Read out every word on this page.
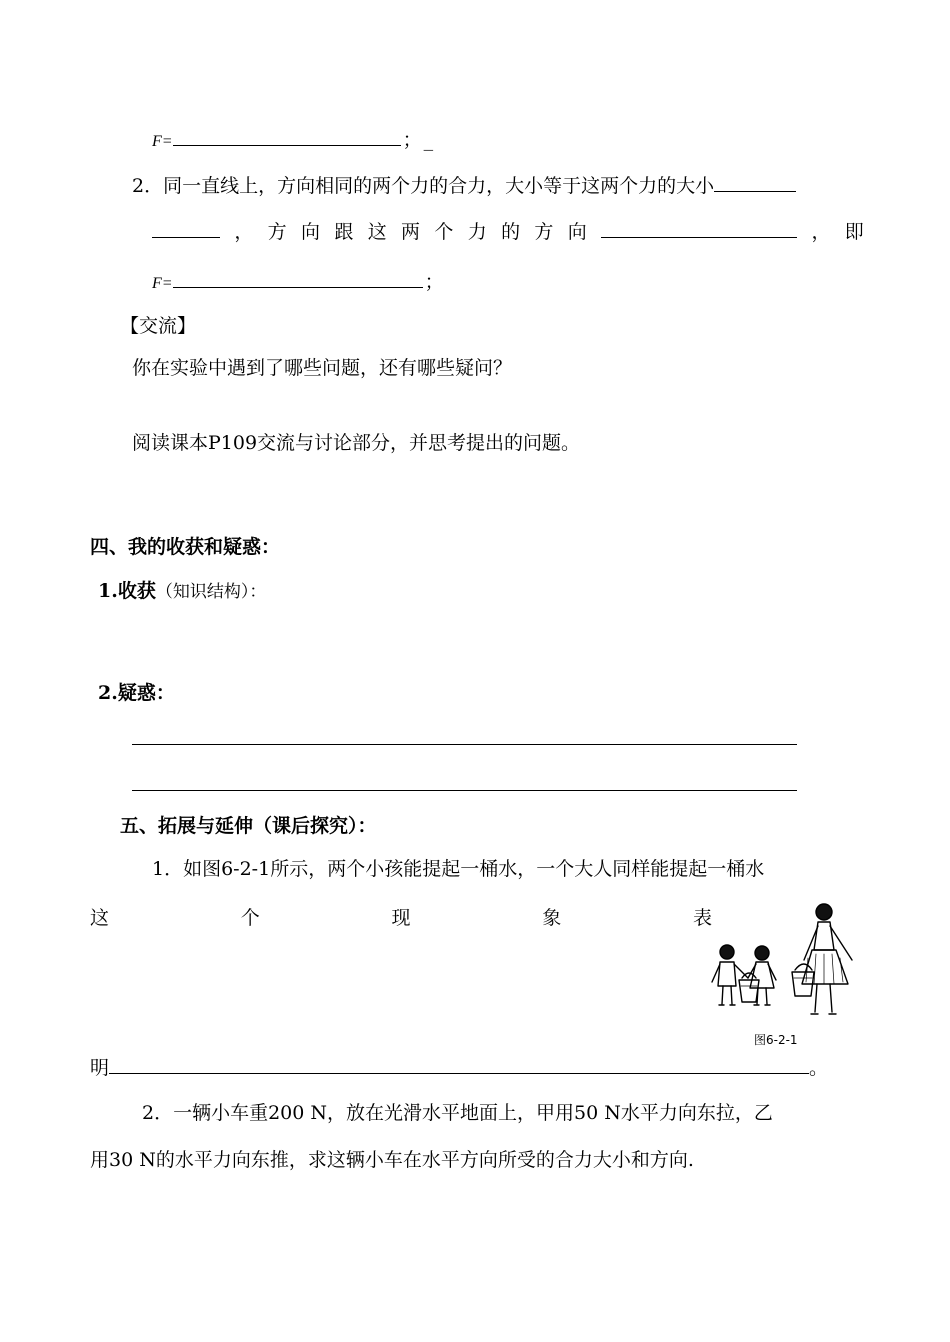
F=	； _
2．同一直线上，方向相同的两个力的合力，大小等于这两个力的大小
， 方 向 跟 这 两 个 力 的 方 向	， 即
F=	；
【交流】
你在实验中遇到了哪些问题，还有哪些疑问？
阅读课本P109交流与讨论部分，并思考提出的问题。
四、我的收获和疑惑：
1.收获（知识结构）：
2.疑惑：
五、拓展与延伸（课后探究）：
1．如图6-2-1所示，两个小孩能提起一桶水，一个大人同样能提起一桶水
这	个	现	象	表
图6-2-1
明	。
2．一辆小车重200 N，放在光滑水平地面上，甲用50 N水平力向东拉，乙
用30 N的水平力向东推，求这辆小车在水平方向所受的合力大小和方向.
